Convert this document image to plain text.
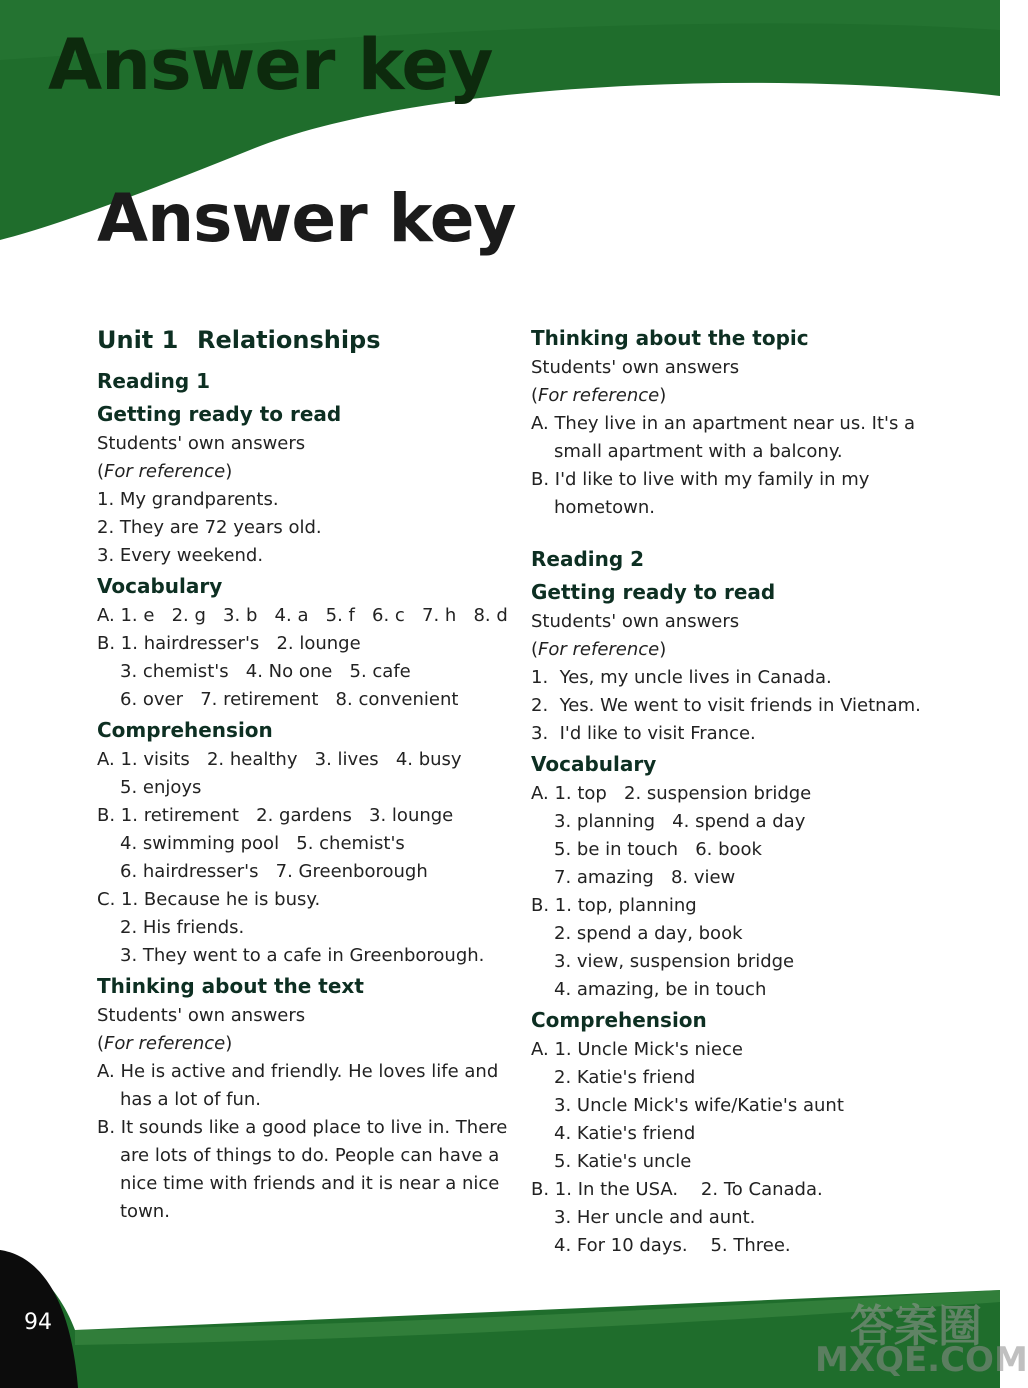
Answer key
Answer key
Unit 1 Relationships
Reading 1
Getting ready to read
Students' own answers
(For reference)
1. My grandparents.
2. They are 72 years old.
3. Every weekend.
Vocabulary
A. 1. e   2. g   3. b   4. a   5. f   6. c   7. h   8. d
B. 1. hairdresser's   2. lounge
3. chemist's   4. No one   5. cafe
6. over   7. retirement   8. convenient
Comprehension
A. 1. visits   2. healthy   3. lives   4. busy
5. enjoys
B. 1. retirement   2. gardens   3. lounge
4. swimming pool   5. chemist's
6. hairdresser's   7. Greenborough
C. 1. Because he is busy.
2. His friends.
3. They went to a cafe in Greenborough.
Thinking about the text
Students' own answers
(For reference)
A. He is active and friendly. He loves life and
has a lot of fun.
B. It sounds like a good place to live in. There
are lots of things to do. People can have a
nice time with friends and it is near a nice
town.
Thinking about the topic
Students' own answers
(For reference)
A. They live in an apartment near us. It's a
small apartment with a balcony.
B. I'd like to live with my family in my
hometown.
Reading 2
Getting ready to read
Students' own answers
(For reference)
1.  Yes, my uncle lives in Canada.
2.  Yes. We went to visit friends in Vietnam.
3.  I'd like to visit France.
Vocabulary
A. 1. top   2. suspension bridge
3. planning   4. spend a day
5. be in touch   6. book
7. amazing   8. view
B. 1. top, planning
2. spend a day, book
3. view, suspension bridge
4. amazing, be in touch
Comprehension
A. 1. Uncle Mick's niece
2. Katie's friend
3. Uncle Mick's wife/Katie's aunt
4. Katie's friend
5. Katie's uncle
B. 1. In the USA.    2. To Canada.
3. Her uncle and aunt.
4. For 10 days.    5. Three.
94	答案圈
MXQE.COM
